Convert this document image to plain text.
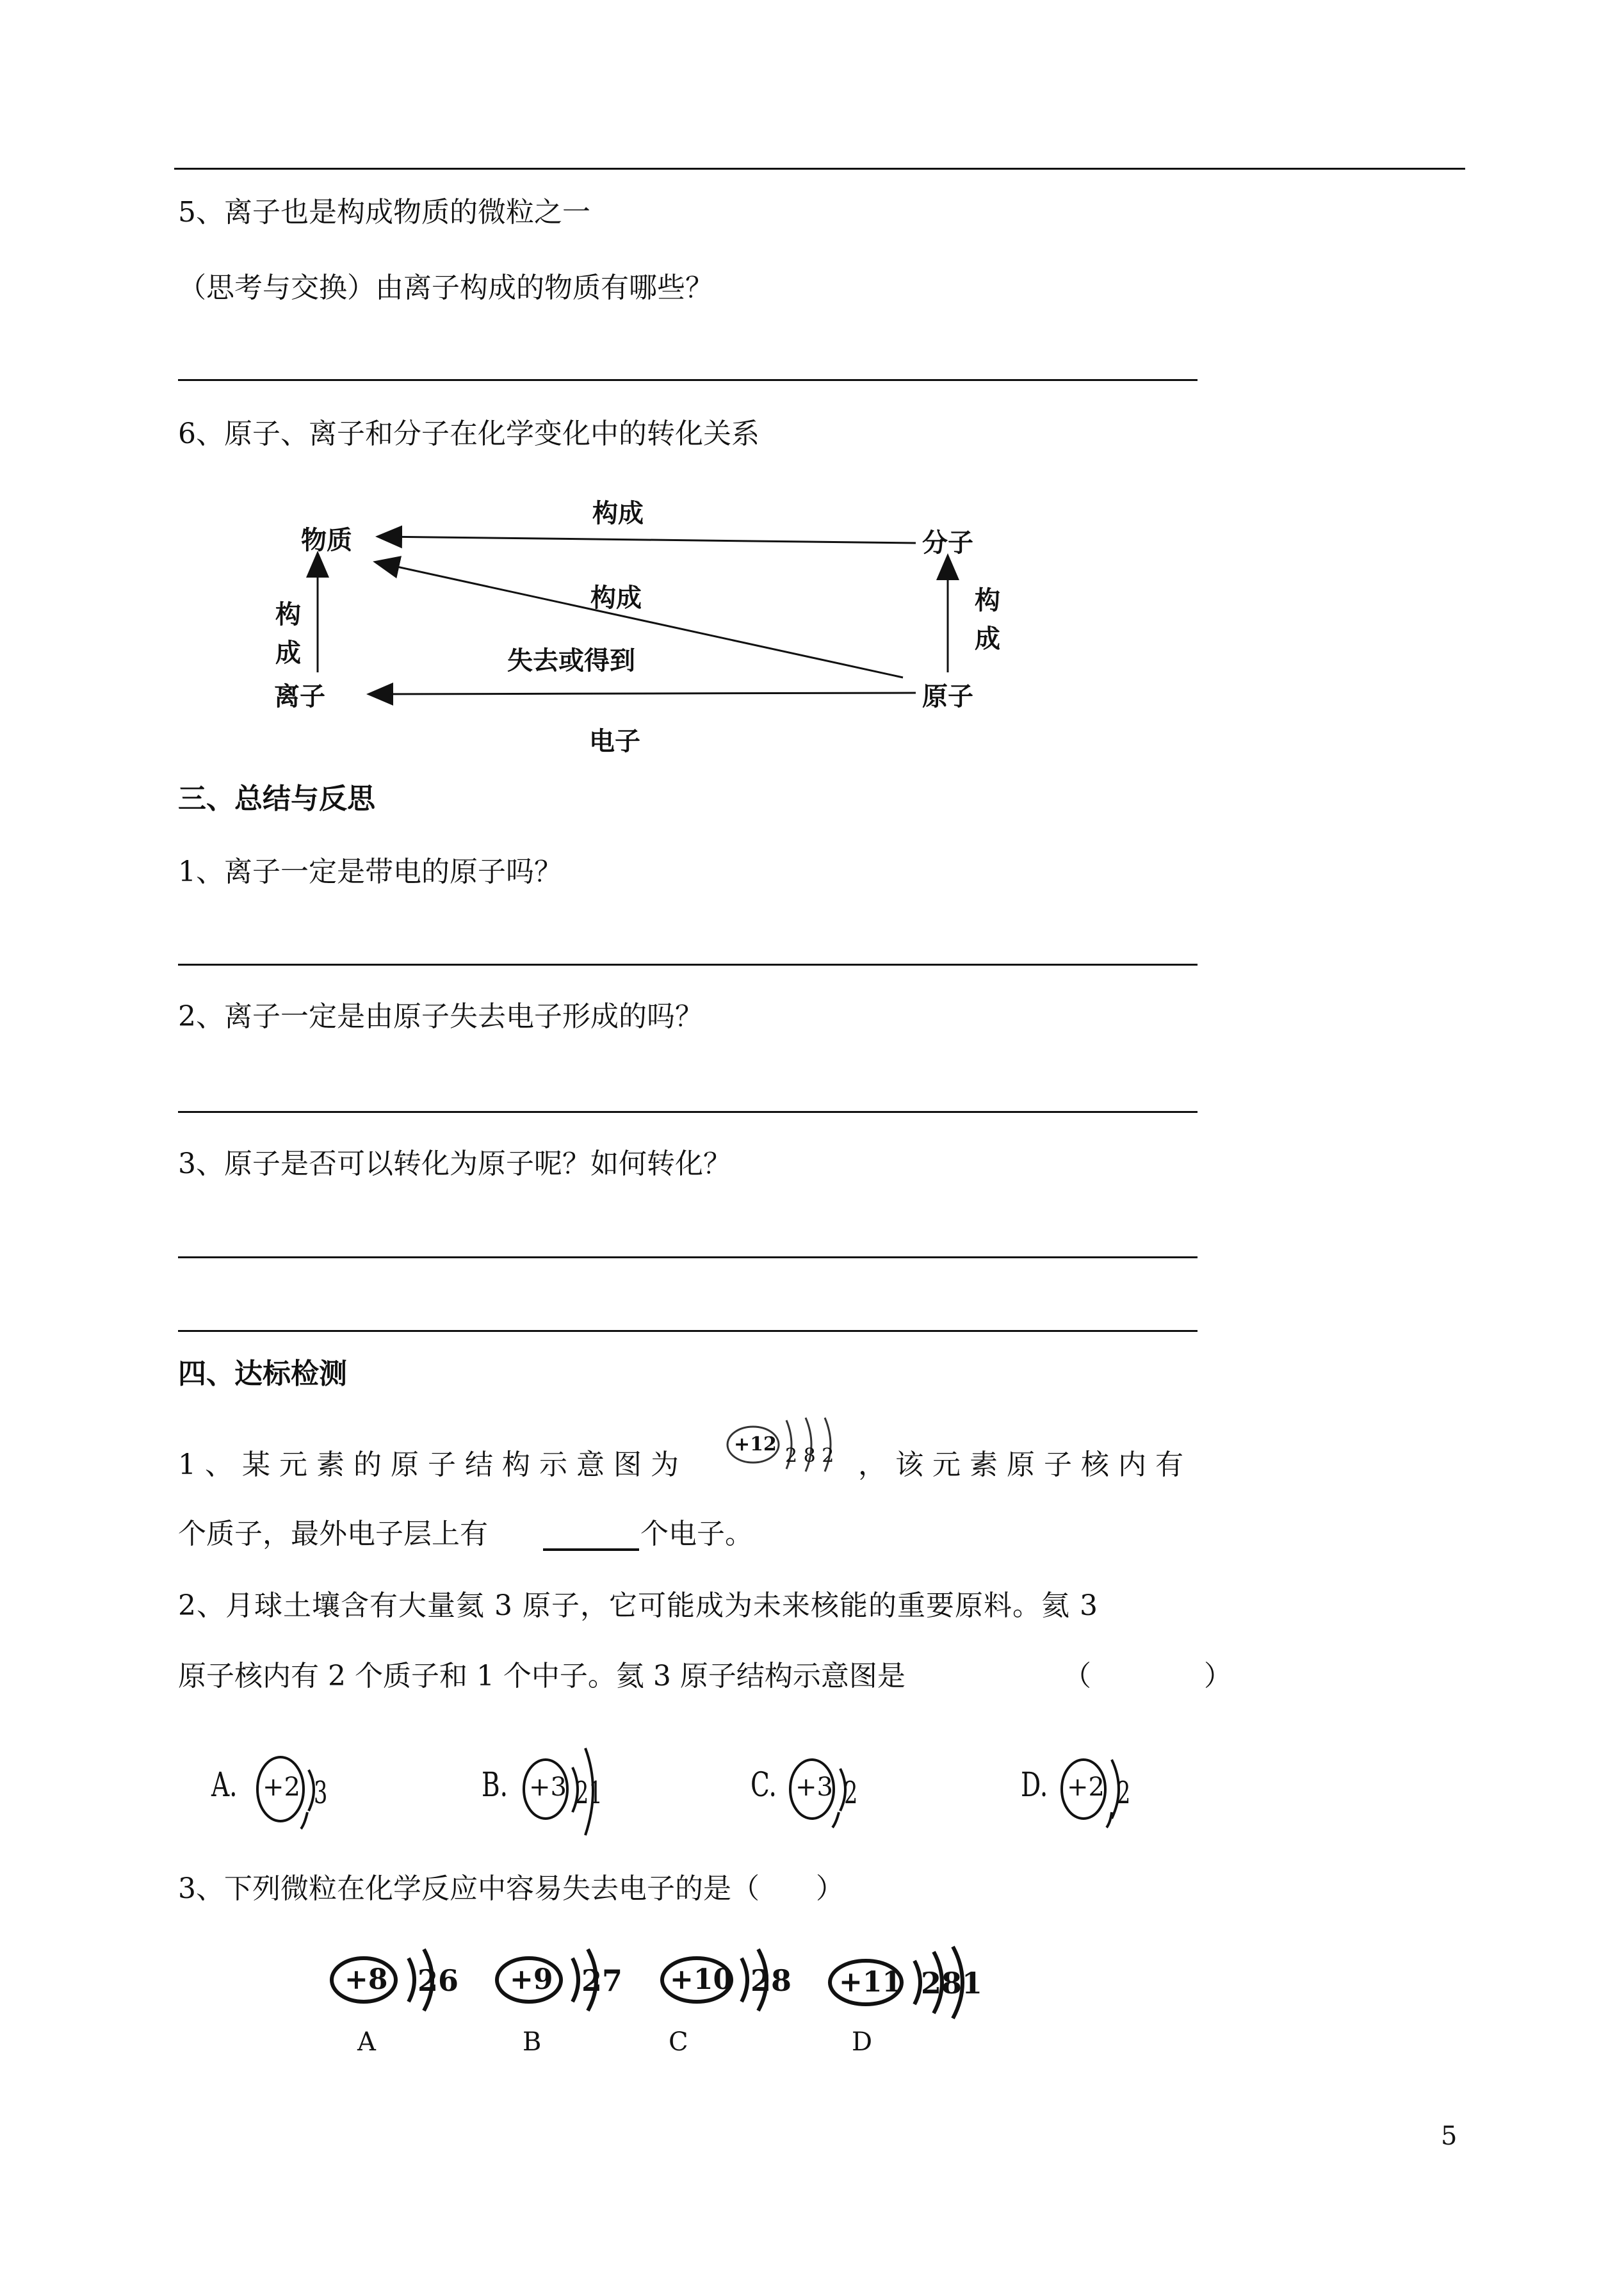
5、离子也是构成物质的微粒之一
（思考与交换）由离子构成的物质有哪些？
6、原子、离子和分子在化学变化中的转化关系
物质	分子
离子	原子
构成
构成
构
成
构
成
失去或得到
电子
三、总结与反思
1、离子一定是带电的原子吗？
2、离子一定是由原子失去电子形成的吗？
3、原子是否可以转化为原子呢？如何转化？
四、达标检测
1、某元素的原子结构示意图为
+12
2 8 2 ，该元素原子核内有
个质子，最外电子层上有	个电子。
2、月球土壤含有大量氦 3 原子，它可能成为未来核能的重要原料。氦 3
原子核内有 2 个质子和 1 个中子。氦 3 原子结构示意图是	（　　　　）
A. +2 3	B. +3 21	C. +3 2	D. +2 2
3、下列微粒在化学反应中容易失去电子的是（　　）
+8 26
A
+9 27
B
+10 28
C
+11 281
D
5
